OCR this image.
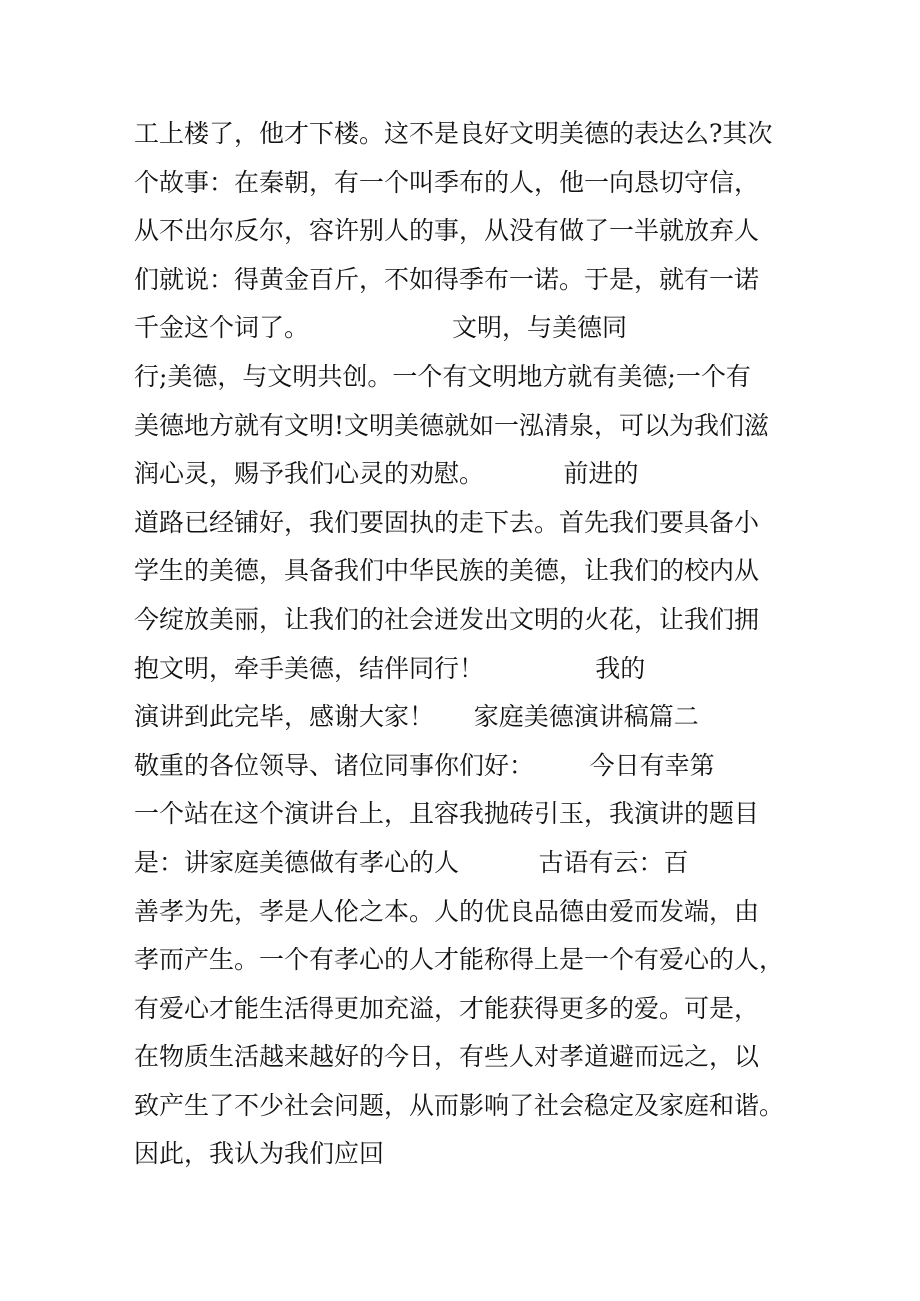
工上楼了，他才下楼。这不是良好文明美德的表达么?其次
个故事：在秦朝，有一个叫季布的人，他一向恳切守信，
从不出尔反尔，容许别人的事，从没有做了一半就放弃人
们就说：得黄金百斤，不如得季布一诺。于是，就有一诺
千金这个词了。                  文明，与美德同
行;美德，与文明共创。一个有文明地方就有美德;一个有
美德地方就有文明!文明美德就如一泓清泉，可以为我们滋
润心灵，赐予我们心灵的劝慰。          前进的
道路已经铺好，我们要固执的走下去。首先我们要具备小
学生的美德，具备我们中华民族的美德，让我们的校内从
今绽放美丽，让我们的社会迸发出文明的火花，让我们拥
抱文明，牵手美德，结伴同行！              我的
演讲到此完毕，感谢大家！     家庭美德演讲稿篇二
敬重的各位领导、诸位同事你们好：       今日有幸第
一个站在这个演讲台上，且容我抛砖引玉，我演讲的题目
是：讲家庭美德做有孝心的人          古语有云：百
善孝为先，孝是人伦之本。人的优良品德由爱而发端，由
孝而产生。一个有孝心的人才能称得上是一个有爱心的人，
有爱心才能生活得更加充溢，才能获得更多的爱。可是，
在物质生活越来越好的今日，有些人对孝道避而远之，以
致产生了不少社会问题，从而影响了社会稳定及家庭和谐。
因此，我认为我们应回
